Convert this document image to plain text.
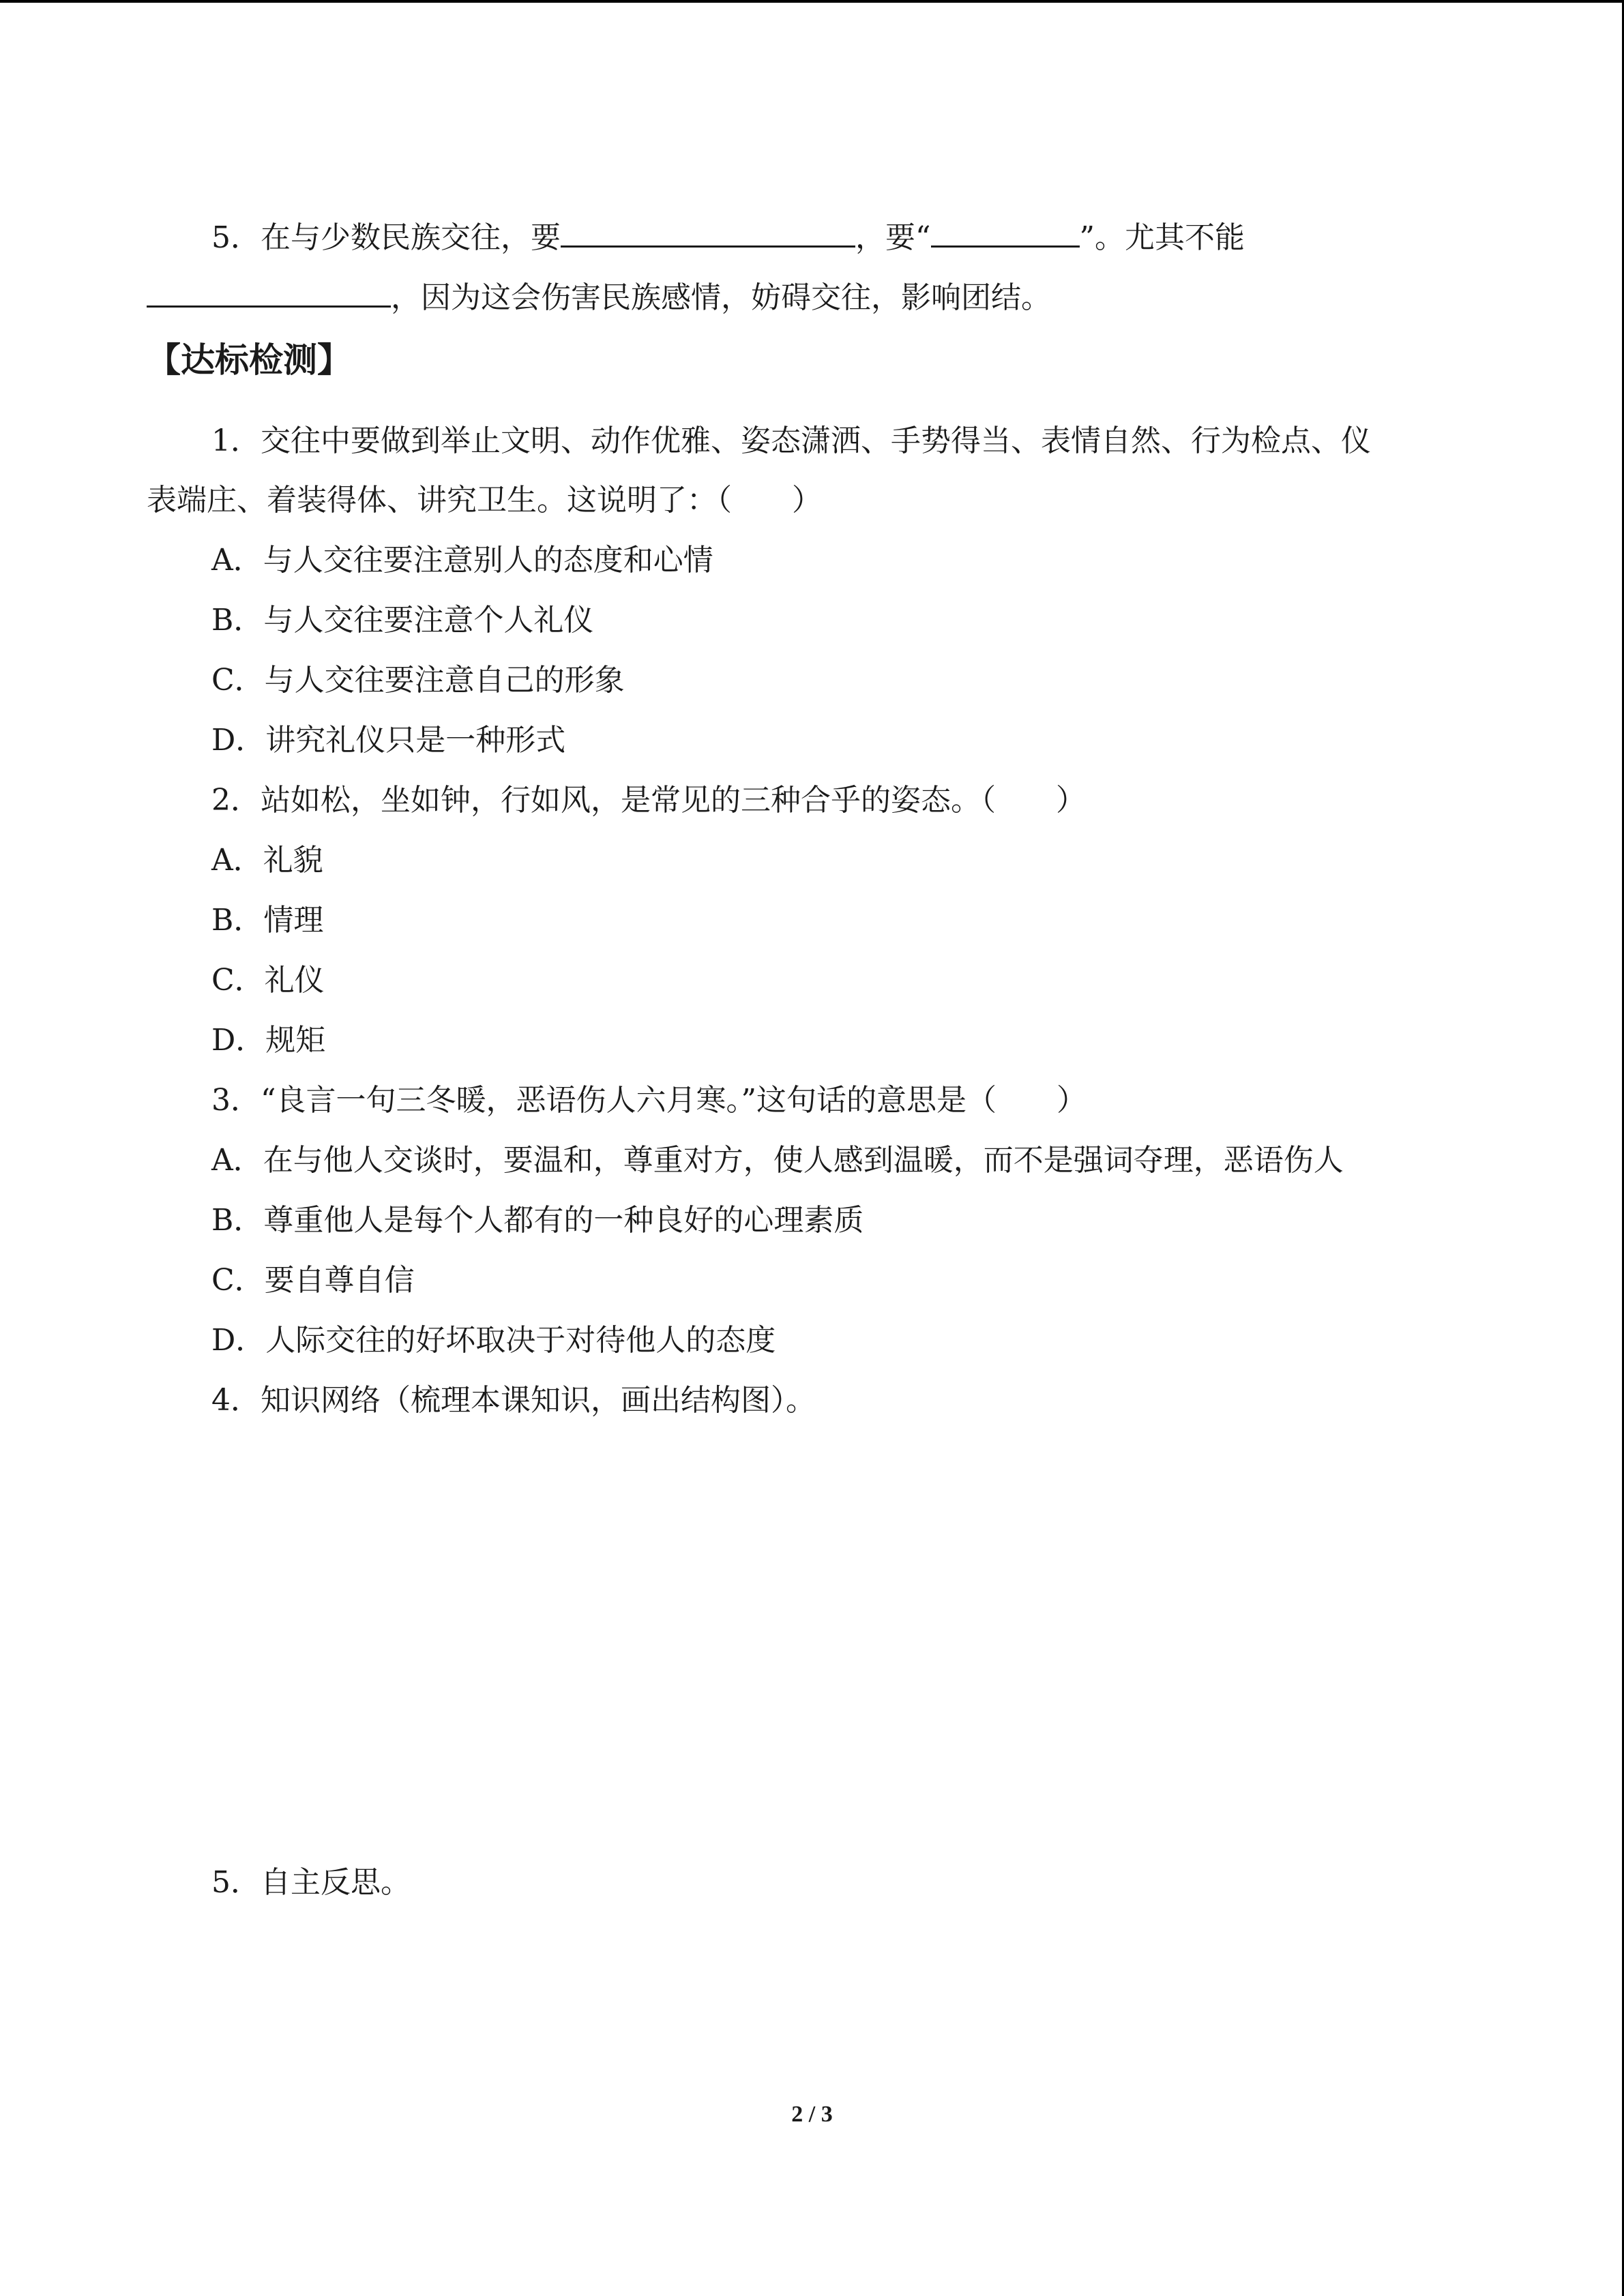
5．在与少数民族交往，要	，要“	”。尤其不能
，因为这会伤害民族感情，妨碍交往，影响团结。
【达标检测】
1．交往中要做到举止文明、动作优雅、姿态潇洒、手势得当、表情自然、行为检点、仪
表端庄、着装得体、讲究卫生。这说明了：（　　）
A．与人交往要注意别人的态度和心情
B．与人交往要注意个人礼仪
C．与人交往要注意自己的形象
D．讲究礼仪只是一种形式
2．站如松，坐如钟，行如风，是常见的三种合乎的姿态。（　　）
A．礼貌
B．情理
C．礼仪
D．规矩
3．“良言一句三冬暖，恶语伤人六月寒。”这句话的意思是（　　）
A．在与他人交谈时，要温和，尊重对方，使人感到温暖，而不是强词夺理，恶语伤人
B．尊重他人是每个人都有的一种良好的心理素质
C．要自尊自信
D．人际交往的好坏取决于对待他人的态度
4．知识网络（梳理本课知识，画出结构图）。
5．自主反思。
2 / 3
